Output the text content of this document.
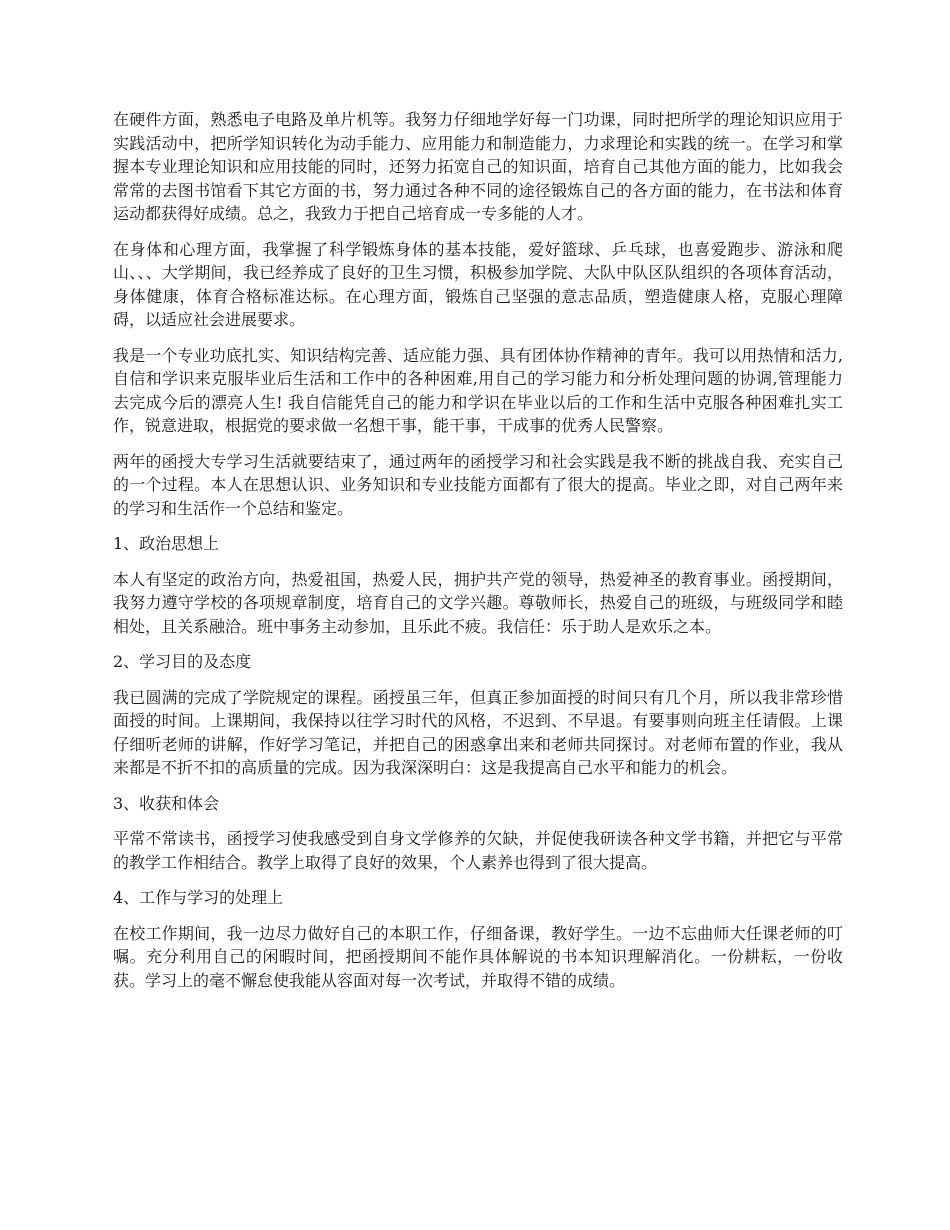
在硬件方面，熟悉电子电路及单片机等。我努力仔细地学好每一门功课，同时把所学的理论知识应用于实践活动中，把所学知识转化为动手能力、应用能力和制造能力，力求理论和实践的统一。在学习和掌握本专业理论知识和应用技能的同时，还努力拓宽自己的知识面，培育自己其他方面的能力，比如我会常常的去图书馆看下其它方面的书，努力通过各种不同的途径锻炼自己的各方面的能力，在书法和体育运动都获得好成绩。总之，我致力于把自己培育成一专多能的人才。

在身体和心理方面，我掌握了科学锻炼身体的基本技能，爱好篮球、乒乓球，也喜爱跑步、游泳和爬山、、、大学期间，我已经养成了良好的卫生习惯，积极参加学院、大队中队区队组织的各项体育活动，身体健康，体育合格标准达标。在心理方面，锻炼自己坚强的意志品质，塑造健康人格，克服心理障碍，以适应社会进展要求。

我是一个专业功底扎实、知识结构完善、适应能力强、具有团体协作精神的青年。我可以用热情和活力,自信和学识来克服毕业后生活和工作中的各种困难,用自己的学习能力和分析处理问题的协调,管理能力去完成今后的漂亮人生! 我自信能凭自己的能力和学识在毕业以后的工作和生活中克服各种困难扎实工作，锐意进取，根据党的要求做一名想干事，能干事，干成事的优秀人民警察。

两年的函授大专学习生活就要结束了，通过两年的函授学习和社会实践是我不断的挑战自我、充实自己的一个过程。本人在思想认识、业务知识和专业技能方面都有了很大的提高。毕业之即，对自己两年来的学习和生活作一个总结和鉴定。

1、政治思想上

本人有坚定的政治方向，热爱祖国，热爱人民，拥护共产党的领导，热爱神圣的教育事业。函授期间，我努力遵守学校的各项规章制度，培育自己的文学兴趣。尊敬师长，热爱自己的班级，与班级同学和睦相处，且关系融洽。班中事务主动参加，且乐此不疲。我信任：乐于助人是欢乐之本。

2、学习目的及态度

我已圆满的完成了学院规定的课程。函授虽三年，但真正参加面授的时间只有几个月，所以我非常珍惜面授的时间。上课期间，我保持以往学习时代的风格，不迟到、不早退。有要事则向班主任请假。上课仔细听老师的讲解，作好学习笔记，并把自己的困惑拿出来和老师共同探讨。对老师布置的作业，我从来都是不折不扣的高质量的完成。因为我深深明白：这是我提高自己水平和能力的机会。

3、收获和体会

平常不常读书，函授学习使我感受到自身文学修养的欠缺，并促使我研读各种文学书籍，并把它与平常的教学工作相结合。教学上取得了良好的效果，个人素养也得到了很大提高。

4、工作与学习的处理上

在校工作期间，我一边尽力做好自己的本职工作，仔细备课，教好学生。一边不忘曲师大任课老师的叮嘱。充分利用自己的闲暇时间，把函授期间不能作具体解说的书本知识理解消化。一份耕耘，一份收获。学习上的毫不懈怠使我能从容面对每一次考试，并取得不错的成绩。
